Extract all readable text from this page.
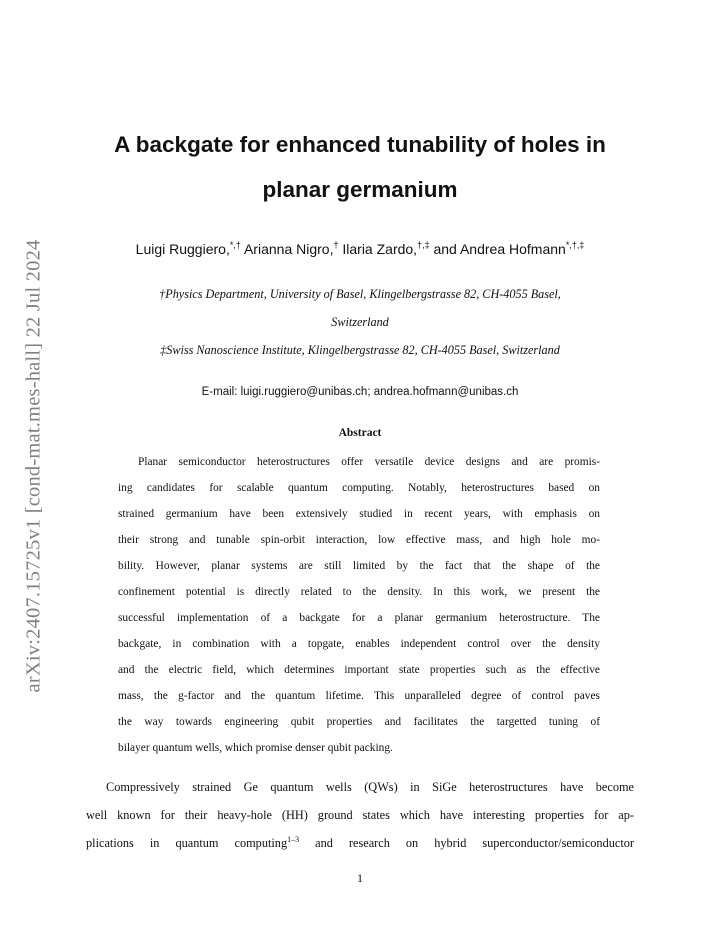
arXiv:2407.15725v1 [cond-mat.mes-hall] 22 Jul 2024
A backgate for enhanced tunability of holes in
planar germanium
Luigi Ruggiero,*,† Arianna Nigro,† Ilaria Zardo,†,‡ and Andrea Hofmann*,†,‡
†Physics Department, University of Basel, Klingelbergstrasse 82, CH-4055 Basel,
Switzerland
‡Swiss Nanoscience Institute, Klingelbergstrasse 82, CH-4055 Basel, Switzerland
E-mail: luigi.ruggiero@unibas.ch; andrea.hofmann@unibas.ch
Abstract
Planar semiconductor heterostructures offer versatile device designs and are promis-
ing candidates for scalable quantum computing. Notably, heterostructures based on
strained germanium have been extensively studied in recent years, with emphasis on
their strong and tunable spin-orbit interaction, low effective mass, and high hole mo-
bility. However, planar systems are still limited by the fact that the shape of the
confinement potential is directly related to the density. In this work, we present the
successful implementation of a backgate for a planar germanium heterostructure. The
backgate, in combination with a topgate, enables independent control over the density
and the electric field, which determines important state properties such as the effective
mass, the g-factor and the quantum lifetime. This unparalleled degree of control paves
the way towards engineering qubit properties and facilitates the targetted tuning of
bilayer quantum wells, which promise denser qubit packing.
Compressively strained Ge quantum wells (QWs) in SiGe heterostructures have become
well known for their heavy-hole (HH) ground states which have interesting properties for ap-
plications in quantum computing$^{1-3}$ and research on hybrid superconductor/semiconductor
1
